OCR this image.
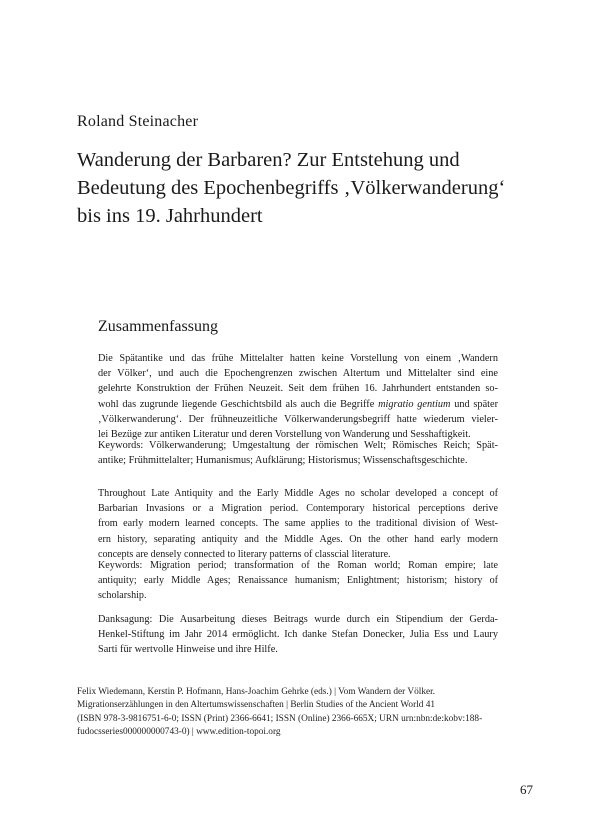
Roland Steinacher
Wanderung der Barbaren? Zur Entstehung und
Bedeutung des Epochenbegriffs ‚Völkerwanderung‘
bis ins 19. Jahrhundert
Zusammenfassung
Die Spätantike und das frühe Mittelalter hatten keine Vorstellung von einem ‚Wandern
der Völker‘, und auch die Epochengrenzen zwischen Altertum und Mittelalter sind eine
gelehrte Konstruktion der Frühen Neuzeit. Seit dem frühen 16. Jahrhundert entstanden so-
wohl das zugrunde liegende Geschichtsbild als auch die Begriffe migratio gentium und später
‚Völkerwanderung‘. Der frühneuzeitliche Völkerwanderungsbegriff hatte wiederum vieler-
lei Bezüge zur antiken Literatur und deren Vorstellung von Wanderung und Sesshaftigkeit.
Keywords: Völkerwanderung; Umgestaltung der römischen Welt; Römisches Reich; Spät-
antike; Frühmittelalter; Humanismus; Aufklärung; Historismus; Wissenschaftsgeschichte.
Throughout Late Antiquity and the Early Middle Ages no scholar developed a concept of
Barbarian Invasions or a Migration period. Contemporary historical perceptions derive
from early modern learned concepts. The same applies to the traditional division of West-
ern history, separating antiquity and the Middle Ages. On the other hand early modern
concepts are densely connected to literary patterns of classcial literature.
Keywords: Migration period; transformation of the Roman world; Roman empire; late
antiquity; early Middle Ages; Renaissance humanism; Enlightment; historism; history of
scholarship.
Danksagung: Die Ausarbeitung dieses Beitrags wurde durch ein Stipendium der Gerda-
Henkel-Stiftung im Jahr 2014 ermöglicht. Ich danke Stefan Donecker, Julia Ess und Laury
Sarti für wertvolle Hinweise und ihre Hilfe.
Felix Wiedemann, Kerstin P. Hofmann, Hans-Joachim Gehrke (eds.) | Vom Wandern der Völker.
Migrationserzählungen in den Altertumswissenschaften | Berlin Studies of the Ancient World 41
(ISBN 978-3-9816751-6-0; ISSN (Print) 2366-6641; ISSN (Online) 2366-665X; URN urn:nbn:de:kobv:188-
fudocsseries000000000743-0) | www.edition-topoi.org
67
